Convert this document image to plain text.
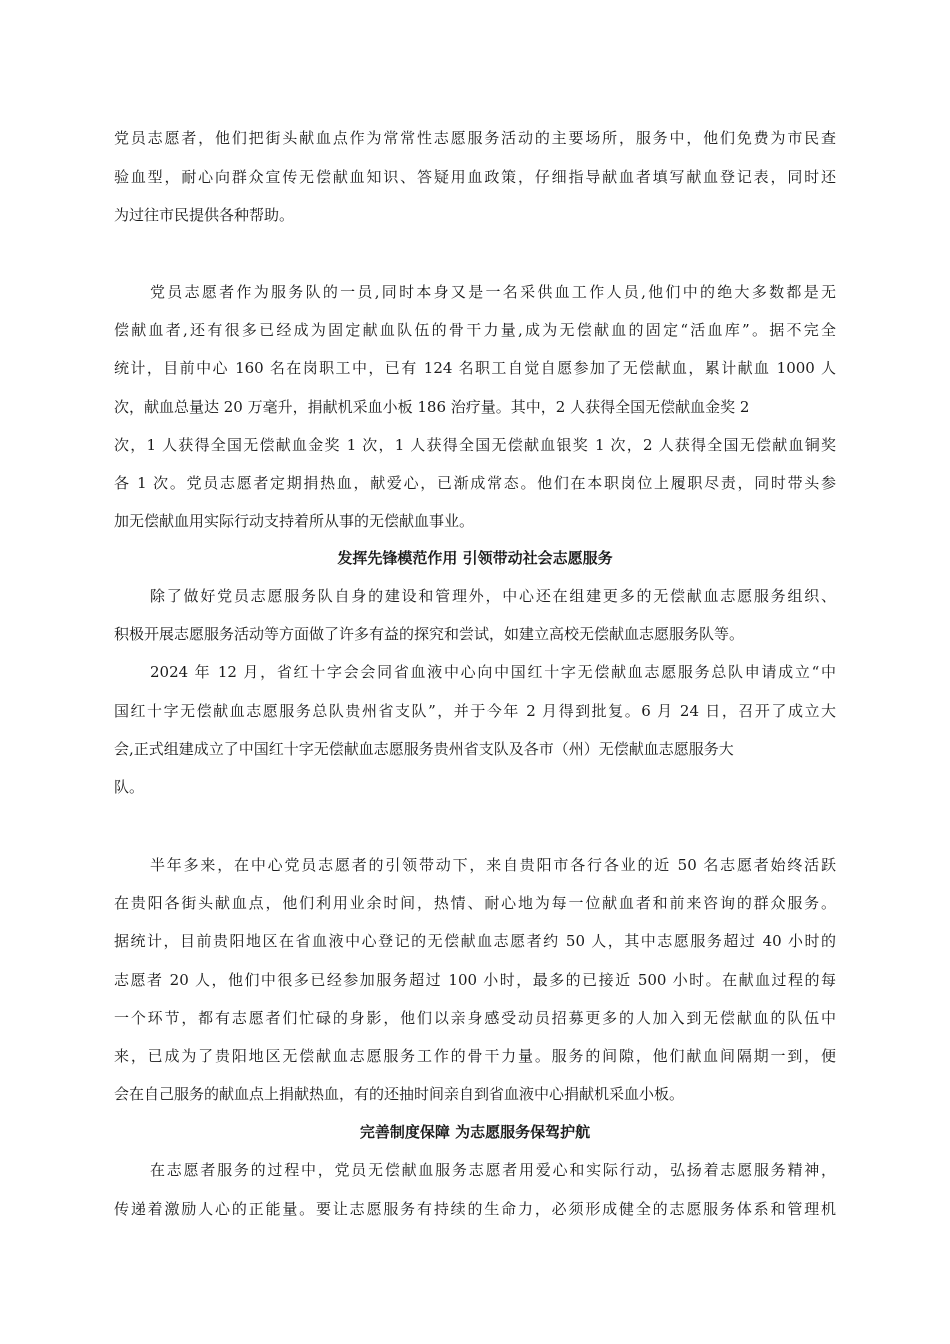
党员志愿者，他们把街头献血点作为常常性志愿服务活动的主要场所，服务中，他们免费为市民查
验血型，耐心向群众宣传无偿献血知识、答疑用血政策，仔细指导献血者填写献血登记表，同时还
为过往市民提供各种帮助。
党员志愿者作为服务队的一员,同时本身又是一名采供血工作人员,他们中的绝大多数都是无
偿献血者,还有很多已经成为固定献血队伍的骨干力量,成为无偿献血的固定“活血库”。据不完全
统计，目前中心 160 名在岗职工中，已有 124 名职工自觉自愿参加了无偿献血，累计献血 1000 人
次，献血总量达 20 万毫升，捐献机采血小板 186 治疗量。其中，2 人获得全国无偿献血金奖 2
次，1 人获得全国无偿献血金奖 1 次，1 人获得全国无偿献血银奖 1 次，2 人获得全国无偿献血铜奖
各 1 次。党员志愿者定期捐热血，献爱心，已渐成常态。他们在本职岗位上履职尽责，同时带头参
加无偿献血用实际行动支持着所从事的无偿献血事业。
发挥先锋模范作用 引领带动社会志愿服务
除了做好党员志愿服务队自身的建设和管理外，中心还在组建更多的无偿献血志愿服务组织、
积极开展志愿服务活动等方面做了许多有益的探究和尝试，如建立高校无偿献血志愿服务队等。
2024 年 12 月，省红十字会会同省血液中心向中国红十字无偿献血志愿服务总队申请成立“中
国红十字无偿献血志愿服务总队贵州省支队”，并于今年 2 月得到批复。6 月 24 日，召开了成立大
会,正式组建成立了中国红十字无偿献血志愿服务贵州省支队及各市（州）无偿献血志愿服务大
队。
半年多来，在中心党员志愿者的引领带动下，来自贵阳市各行各业的近 50 名志愿者始终活跃
在贵阳各街头献血点，他们利用业余时间，热情、耐心地为每一位献血者和前来咨询的群众服务。
据统计，目前贵阳地区在省血液中心登记的无偿献血志愿者约 50 人，其中志愿服务超过 40 小时的
志愿者 20 人，他们中很多已经参加服务超过 100 小时，最多的已接近 500 小时。在献血过程的每
一个环节，都有志愿者们忙碌的身影，他们以亲身感受动员招募更多的人加入到无偿献血的队伍中
来，已成为了贵阳地区无偿献血志愿服务工作的骨干力量。服务的间隙，他们献血间隔期一到，便
会在自己服务的献血点上捐献热血，有的还抽时间亲自到省血液中心捐献机采血小板。
完善制度保障 为志愿服务保驾护航
在志愿者服务的过程中，党员无偿献血服务志愿者用爱心和实际行动，弘扬着志愿服务精神，
传递着激励人心的正能量。要让志愿服务有持续的生命力，必须形成健全的志愿服务体系和管理机
